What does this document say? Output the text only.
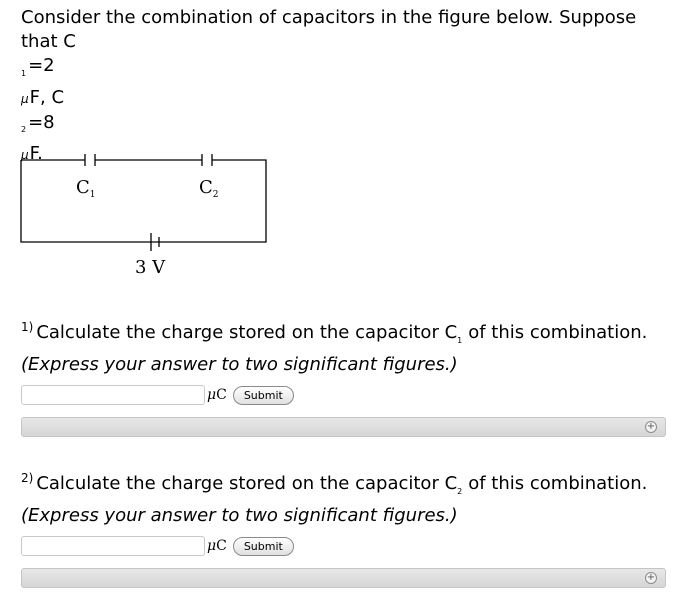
Consider the combination of capacitors in the figure below. Suppose
that C
$_1$ =2
μF, C
$_2$ =8
μF.
$C_1$	$C_2$
3 V
$^{1)}$ Calculate the charge stored on the capacitor $C_1$ of this combination.
(Express your answer to two significant figures.)
μC	Submit
+
$^{2)}$ Calculate the charge stored on the capacitor $C_2$ of this combination.
(Express your answer to two significant figures.)
μC	Submit
+
